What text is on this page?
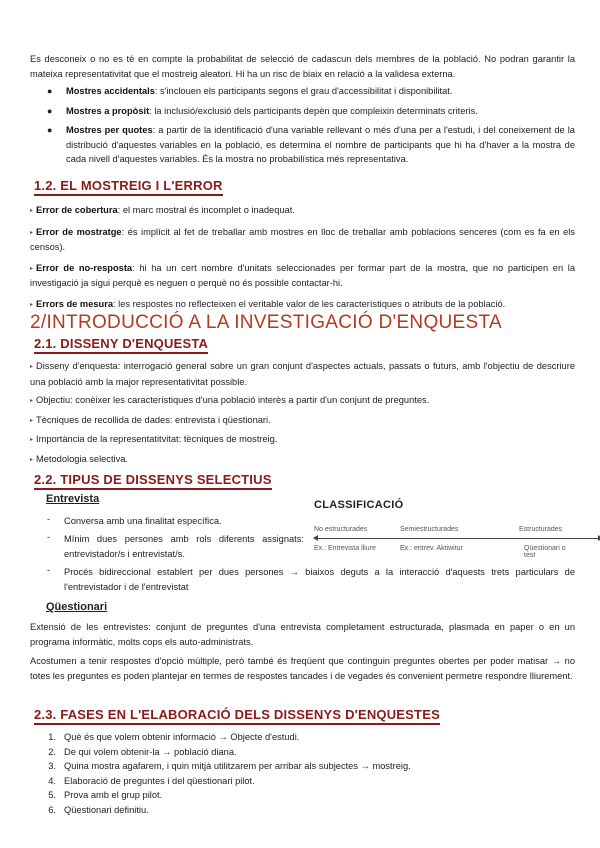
Es desconeix o no es té en compte la probabilitat de selecció de cadascun dels membres de la població. No podran garantir la mateixa representativitat que el mostreig aleatori. Hi ha un risc de biaix en relació a la validesa externa.

● Mostres accidentals: s'inclouen els participants segons el grau d'accessibilitat i disponibilitat.
● Mostres a propòsit: la inclusió/exclusió dels participants depèn que compleixin determinats criteris.
● Mostres per quotes: a partir de la identificació d'una variable rellevant o més d'una per a l'estudi, i del coneixement de la distribució d'aquestes variables en la població, es determina el nombre de participants que hi ha d'haver a la mostra de cada nivell d'aquestes variables. És la mostra no probabilística més representativa.
1.2. EL MOSTREIG I L'ERROR

▸ Error de cobertura: el marc mostral és incomplet o inadequat.

▸ Error de mostratge: és implícit al fet de treballar amb mostres en lloc de treballar amb poblacions senceres (com es fa en els censos).

▸ Error de no-resposta: hi ha un cert nombre d'unitats seleccionades per formar part de la mostra, que no participen en la investigació ja sigui perquè es neguen o perquè no és possible contactar-hi.

▸ Errors de mesura: les respostes no reflecteixen el veritable valor de les característiques o atributs de la població.

2/INTRODUCCIÓ A LA INVESTIGACIÓ D'ENQUESTA
2.1. DISSENY D'ENQUESTA

▸ Disseny d'enquesta: interrogació general sobre un gran conjunt d'aspectes actuals, passats o futurs, amb l'objectiu de descriure una població amb la major representativitat possible.

▸ Objectiu: conèixer les característiques d'una població interès a partir d'un conjunt de preguntes.

▸ Tècniques de recollida de dades: entrevista i qüestionari.

▸ Importància de la representatitvitat: tècniques de mostreig.

▸ Metodologia selectiva.

2.2. TIPUS DE DISSENYS SELECTIUS
Entrevista
- Conversa amb una finalitat específica.
- Mínim dues persones amb rols diferents assignats: entrevistador/s i entrevistat/s.
- Procés bidireccional establert per dues persones → biaixos deguts a la interacció d'aquests trets particulars de l'entrevistador i de l'entrevistat
CLASSIFICACIÓ
No estructurades	Semiestructurades	Estructurades
Ex.: Entrevista lliure	Ex.: entrev. Aktiwitur	Qüestionari o test
Qüestionari

Extensió de les entrevistes: conjunt de preguntes d'una entrevista completament estructurada, plasmada en paper o en un programa informàtic, molts cops els auto-administrats.

Acostumen a tenir respostes d'opció múltiple, però també és freqüent que continguin preguntes obertes per poder matisar → no totes les preguntes es poden plantejar en termes de respostes tancades i de vegades és convenient permetre respondre lliurement.

2.3. FASES EN L'ELABORACIÓ DELS DISSENYS D'ENQUESTES
1. Què és que volem obtenir informació → Objecte d'estudi.
2. De qui volem obtenir-la → població diana.
3. Quina mostra agafarem, i quin mitjà utilitzarem per arribar als subjectes → mostreig.
4. Elaboració de preguntes i del qüestionari pilot.
5. Prova amb el grup pilot.
6. Qüestionari definitiu.
